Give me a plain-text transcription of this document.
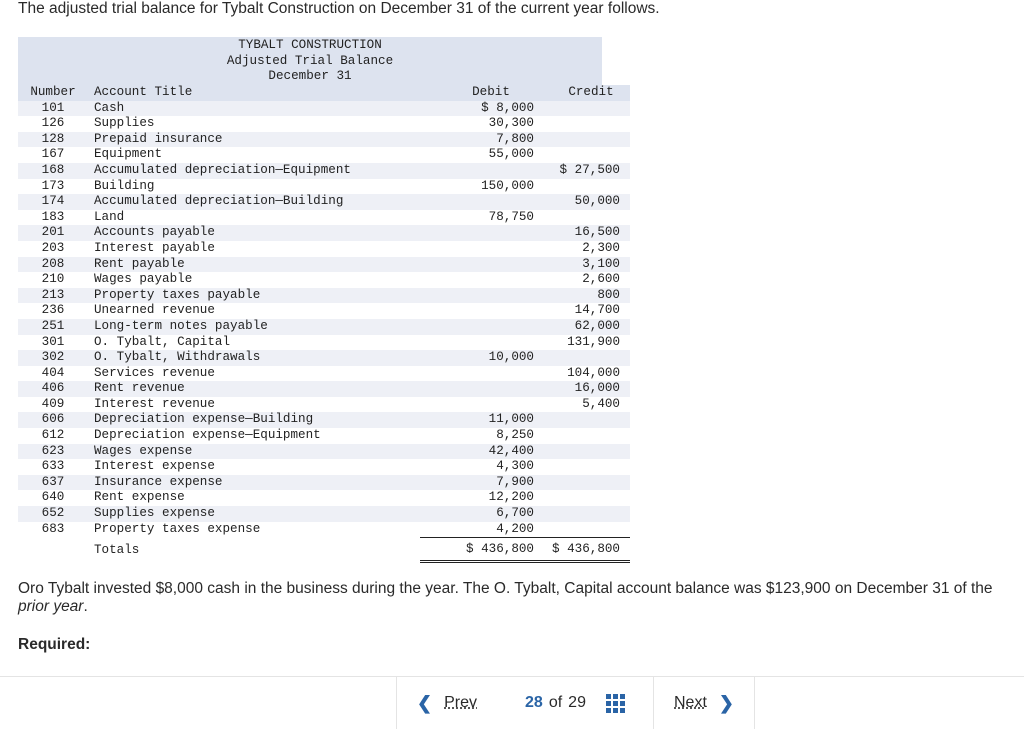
The adjusted trial balance for Tybalt Construction on December 31 of the current year follows.
TYBALT CONSTRUCTION
Adjusted Trial Balance
December 31
Number	Account Title	Debit	Credit
101	Cash	$ 8,000	
126	Supplies	30,300	
128	Prepaid insurance	7,800	
167	Equipment	55,000	
168	Accumulated depreciation—Equipment		$ 27,500
173	Building	150,000	
174	Accumulated depreciation—Building		50,000
183	Land	78,750	
201	Accounts payable		16,500
203	Interest payable		2,300
208	Rent payable		3,100
210	Wages payable		2,600
213	Property taxes payable		800
236	Unearned revenue		14,700
251	Long-term notes payable		62,000
301	O. Tybalt, Capital		131,900
302	O. Tybalt, Withdrawals	10,000	
404	Services revenue		104,000
406	Rent revenue		16,000
409	Interest revenue		5,400
606	Depreciation expense—Building	11,000	
612	Depreciation expense—Equipment	8,250	
623	Wages expense	42,400	
633	Interest expense	4,300	
637	Insurance expense	7,900	
640	Rent expense	12,200	
652	Supplies expense	6,700	
683	Property taxes expense	4,200	
	Totals	$ 436,800	$ 436,800
Oro Tybalt invested $8,000 cash in the business during the year. The O. Tybalt, Capital account balance was $123,900 on December 31 of the prior year.
Required:
❮ Prev	28 of 29	Next ❯
